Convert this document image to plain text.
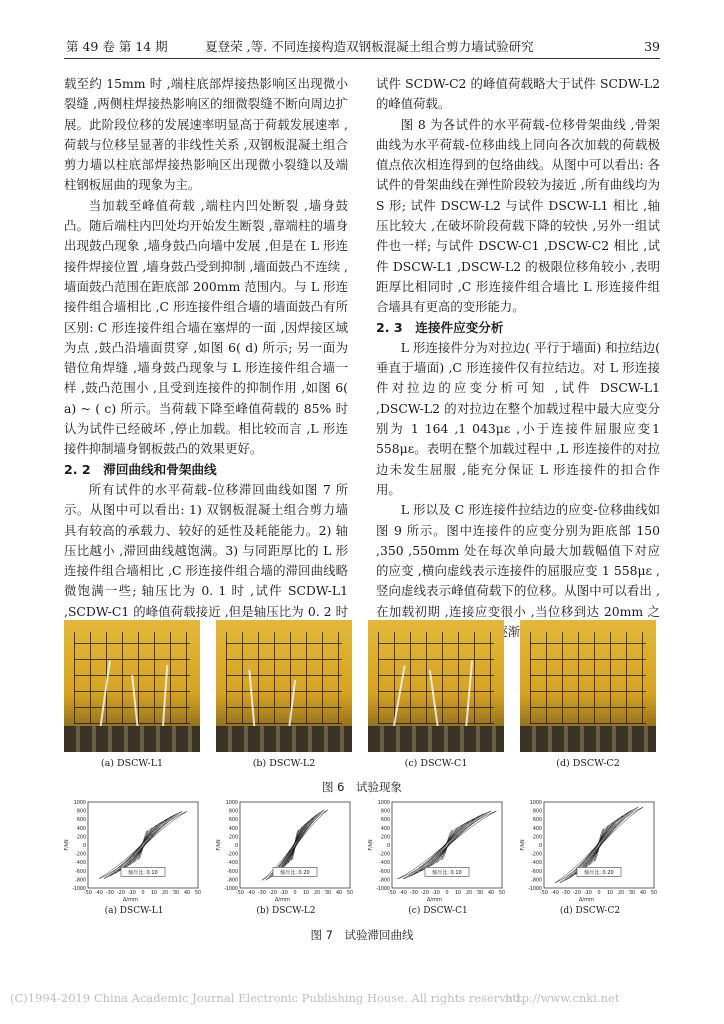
第 49 卷 第 14 期　　　夏登荣 ,等. 不同连接构造双钢板混凝土组合剪力墙试验研究	39

载至约 15mm 时 ,端柱底部焊接热影响区出现微小裂缝 ,两侧柱焊接热影响区的细微裂缝不断向周边扩展。此阶段位移的发展速率明显高于荷载发展速率 ,荷载与位移呈显著的非线性关系 ,双钢板混凝土组合剪力墙以柱底部焊接热影响区出现微小裂缝以及端柱钢板屈曲的现象为主。

当加载至峰值荷载 ,端柱内凹处断裂 ,墙身鼓凸。随后端柱内凹处均开始发生断裂 ,靠端柱的墙身出现鼓凸现象 ,墙身鼓凸向墙中发展 ,但是在 L 形连接件焊接位置 ,墙身鼓凸受到抑制 ,墙面鼓凸不连续 ,墙面鼓凸范围在距底部 200mm 范围内。与 L 形连接件组合墙相比 ,C 形连接件组合墙的墙面鼓凸有所区别: C 形连接件组合墙在塞焊的一面 ,因焊接区域为点 ,鼓凸沿墙面贯穿 ,如图 6( d) 所示; 另一面为错位角焊缝 ,墙身鼓凸现象与 L 形连接件组合墙一样 ,鼓凸范围小 ,且受到连接件的抑制作用 ,如图 6( a) ~ ( c) 所示。当荷载下降至峰值荷载的 85% 时认为试件已经破坏 ,停止加载。相比较而言 ,L 形连接件抑制墙身钢板鼓凸的效果更好。

2. 2　滞回曲线和骨架曲线

所有试件的水平荷载-位移滞回曲线如图 7 所示。从图中可以看出: 1) 双钢板混凝土组合剪力墙具有较高的承载力、较好的延性及耗能能力。2) 轴压比越小 ,滞回曲线越饱满。3) 与同距厚比的 L 形连接件组合墙相比 ,C 形连接件组合墙的滞回曲线略微饱满一些; 轴压比为 0. 1 时 ,试件 SCDW-L1 ,SCDW-C1 的峰值荷载接近 ,但是轴压比为 0. 2 时

试件 SCDW-C2 的峰值荷载略大于试件 SCDW-L2 的峰值荷载。

图 8 为各试件的水平荷载-位移骨架曲线 ,骨架曲线为水平荷载-位移曲线上同向各次加载的荷载极值点依次相连得到的包络曲线。从图中可以看出: 各试件的骨架曲线在弹性阶段较为接近 ,所有曲线均为 S 形; 试件 DSCW-L2 与试件 DSCW-L1 相比 ,轴压比较大 ,在破坏阶段荷载下降的较快 ,另外一组试件也一样; 与试件 DSCW-C1 ,DSCW-C2 相比 ,试件 DSCW-L1 ,DSCW-L2 的极限位移角较小 ,表明距厚比相同时 ,C 形连接件组合墙比 L 形连接件组合墙具有更高的变形能力。

2. 3　连接件应变分析

L 形连接件分为对拉边( 平行于墙面) 和拉结边( 垂直于墙面) ,C 形连接件仅有拉结边。对 L 形连接件对拉边的应变分析可知 ,试件 DSCW-L1 ,DSCW-L2 的对拉边在整个加载过程中最大应变分别为 1 164 ,1 043με ,小于连接件屈服应变1 558με。表明在整个加载过程中 ,L 形连接件的对拉边未发生屈服 ,能充分保证 L 形连接件的扣合作用。

L 形以及 C 形连接件拉结边的应变-位移曲线如图 9 所示。图中连接件的应变分别为距底部 150 ,350 ,550mm 处在每次单向最大加载幅值下对应的应变 ,横向虚线表示连接件的屈服应变 1 558με ,竖向虚线表示峰值荷载下的位移。从图中可以看出 ,在加载初期 ,连接应变很小 ,当位移到达 20mm 之

(a) DSCW-L1	(b) DSCW-L2	(c) DSCW-C1	(d) DSCW-C2
图 6　试验现象
-1000
-800
-600
-400
-200
0
200
400
600
800
1000
-50 -40 -30 -20 -10 0 10 20 30 40 50
F/kN
Δ/mm
轴压比: 0.10
-1000
-800
-600
-400
-200
0
200
400
600
800
1000
-50 -40 -30 -20 -10 0 10 20 30 40 50
F/kN
Δ/mm
轴压比: 0.20
-1000
-800
-600
-400
-200
0
200
400
600
800
1000
-50 -40 -30 -20 -10 0 10 20 30 40 50
F/kN
Δ/mm
轴压比: 0.10
-1000
-800
-600
-400
-200
0
200
400
600
800
1000
-50 -40 -30 -20 -10 0 10 20 30 40 50
F/kN
Δ/mm
轴压比: 0.20
(a) DSCW-L1	(b) DSCW-L2	(c) DSCW-C1	(d) DSCW-C2
图 7　试验滞回曲线
(C)1994-2019 China Academic Journal Electronic Publishing House. All rights reserved.
http://www.cnki.net
